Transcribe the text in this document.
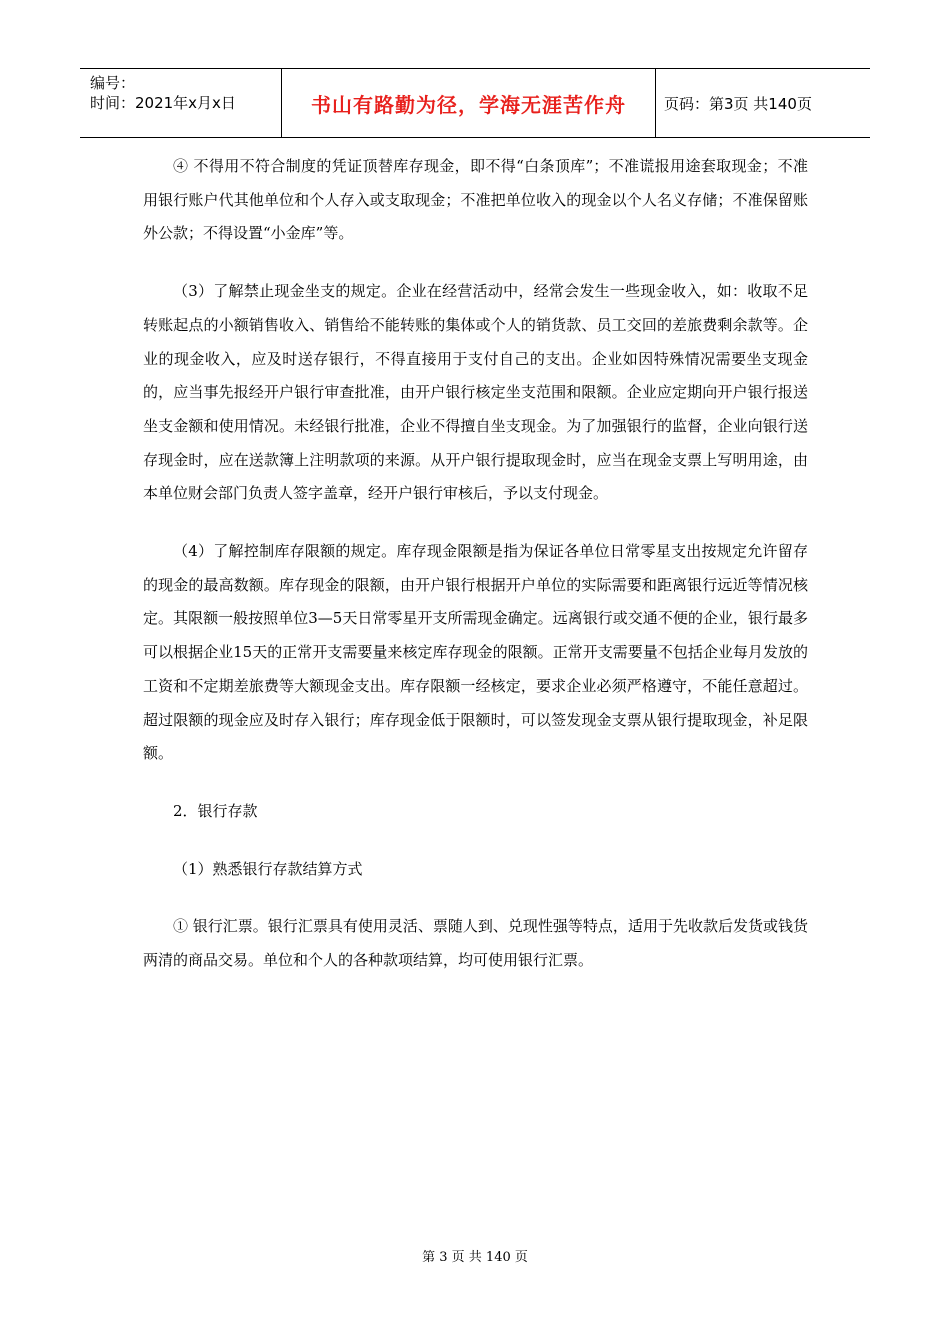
编号：
时间：2021年x月x日	书山有路勤为径，学海无涯苦作舟	页码：第3页 共140页

④ 不得用不符合制度的凭证顶替库存现金，即不得“白条顶库”；不准谎报用途套取现金；不准用银行账户代其他单位和个人存入或支取现金；不准把单位收入的现金以个人名义存储；不准保留账外公款；不得设置“小金库”等。

（3）了解禁止现金坐支的规定。企业在经营活动中，经常会发生一些现金收入，如：收取不足转账起点的小额销售收入、销售给不能转账的集体或个人的销货款、员工交回的差旅费剩余款等。企业的现金收入，应及时送存银行，不得直接用于支付自己的支出。企业如因特殊情况需要坐支现金的，应当事先报经开户银行审查批准，由开户银行核定坐支范围和限额。企业应定期向开户银行报送坐支金额和使用情况。未经银行批准，企业不得擅自坐支现金。为了加强银行的监督，企业向银行送存现金时，应在送款簿上注明款项的来源。从开户银行提取现金时，应当在现金支票上写明用途，由本单位财会部门负责人签字盖章，经开户银行审核后，予以支付现金。

（4）了解控制库存限额的规定。库存现金限额是指为保证各单位日常零星支出按规定允许留存的现金的最高数额。库存现金的限额，由开户银行根据开户单位的实际需要和距离银行远近等情况核定。其限额一般按照单位3—5天日常零星开支所需现金确定。远离银行或交通不便的企业，银行最多可以根据企业15天的正常开支需要量来核定库存现金的限额。正常开支需要量不包括企业每月发放的工资和不定期差旅费等大额现金支出。库存限额一经核定，要求企业必须严格遵守，不能任意超过。超过限额的现金应及时存入银行；库存现金低于限额时，可以签发现金支票从银行提取现金，补足限额。

2．银行存款

（1）熟悉银行存款结算方式

① 银行汇票。银行汇票具有使用灵活、票随人到、兑现性强等特点，适用于先收款后发货或钱货两清的商品交易。单位和个人的各种款项结算，均可使用银行汇票。

第 3 页 共 140 页
